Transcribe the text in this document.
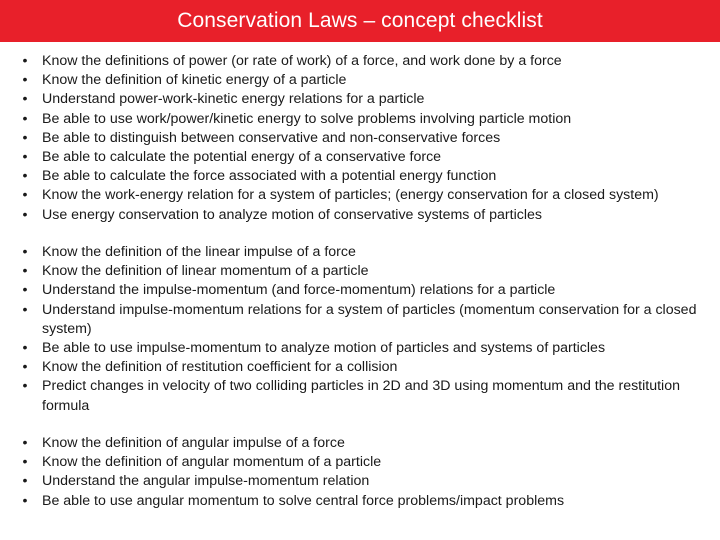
Conservation Laws – concept checklist
• Know the definitions of power (or rate of work) of a force, and work done by a force
• Know the definition of kinetic energy of a particle
• Understand power-work-kinetic energy relations for a particle
• Be able to use work/power/kinetic energy to solve problems involving particle motion
• Be able to distinguish between conservative and non-conservative forces
• Be able to calculate the potential energy of a conservative force
• Be able to calculate the force associated with a potential energy function
• Know the work-energy relation for a system of particles; (energy conservation for a closed system)
• Use energy conservation to analyze motion of conservative systems of particles
• Know the definition of the linear impulse of a force
• Know the definition of linear momentum of a particle
• Understand the impulse-momentum (and force-momentum) relations for a particle
• Understand impulse-momentum relations for a system of particles (momentum conservation for a closed system)
• Be able to use impulse-momentum to analyze motion of particles and systems of particles
• Know the definition of restitution coefficient for a collision
• Predict changes in velocity of two colliding particles in 2D and 3D using momentum and the restitution formula
• Know the definition of angular impulse of a force
• Know the definition of angular momentum of a particle
• Understand the angular impulse-momentum relation
• Be able to use angular momentum to solve central force problems/impact problems
